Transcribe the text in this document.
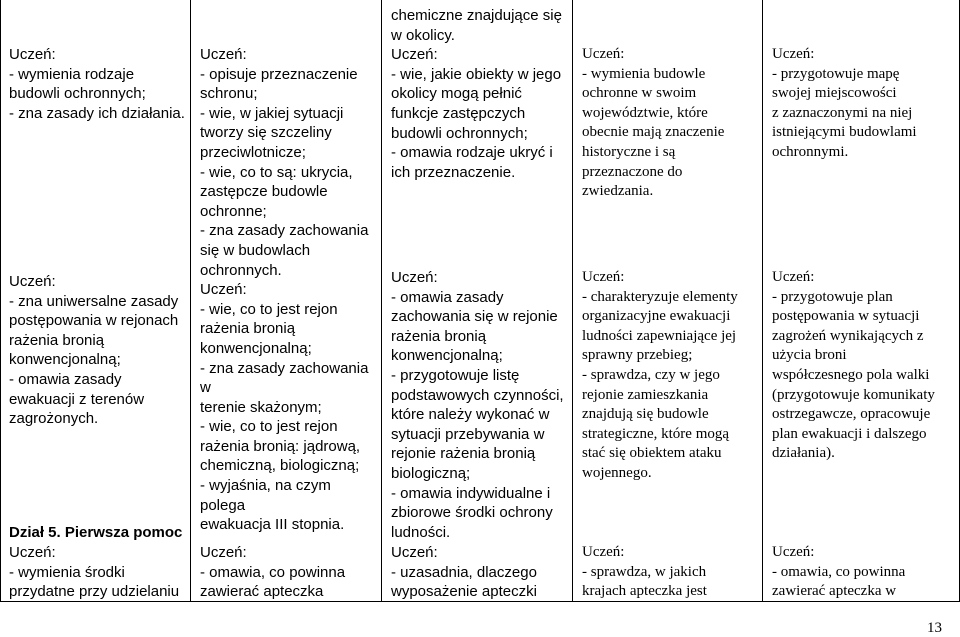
Uczeń:
- wymienia rodzaje
budowli ochronnych;
- zna zasady ich działania.
Uczeń:
- zna uniwersalne zasady
postępowania w rejonach
rażenia bronią
konwencjonalną;
- omawia zasady
ewakuacji z terenów
zagrożonych.
Dział 5. Pierwsza pomoc
Uczeń:
- wymienia środki
przydatne przy udzielaniu
Uczeń:
- opisuje przeznaczenie
schronu;
- wie, w jakiej sytuacji
tworzy się szczeliny
przeciwlotnicze;
- wie, co to są: ukrycia,
zastępcze budowle
ochronne;
- zna zasady zachowania
się w budowlach
ochronnych.
Uczeń:
- wie, co to jest rejon
rażenia bronią
konwencjonalną;
- zna zasady zachowania w
terenie skażonym;
- wie, co to jest rejon
rażenia bronią: jądrową,
chemiczną, biologiczną;
- wyjaśnia, na czym polega
ewakuacja III stopnia.
Uczeń:
- omawia, co powinna
zawierać apteczka
chemiczne znajdujące się
w okolicy.
Uczeń:
- wie, jakie obiekty w jego
okolicy mogą pełnić
funkcje zastępczych
budowli ochronnych;
- omawia rodzaje ukryć i
ich przeznaczenie.
Uczeń:
- omawia zasady
zachowania się w rejonie
rażenia bronią
konwencjonalną;
- przygotowuje listę
podstawowych czynności,
które należy wykonać w
sytuacji przebywania w
rejonie rażenia bronią
biologiczną;
- omawia indywidualne i
zbiorowe środki ochrony
ludności.
Uczeń:
- uzasadnia, dlaczego
wyposażenie apteczki
Uczeń:
- wymienia budowle
ochronne w swoim
województwie, które
obecnie mają znaczenie
historyczne i są
przeznaczone do
zwiedzania.
Uczeń:
- charakteryzuje elementy
organizacyjne ewakuacji
ludności zapewniające jej
sprawny przebieg;
- sprawdza, czy w jego
rejonie zamieszkania
znajdują się budowle
strategiczne, które mogą
stać się obiektem ataku
wojennego.
Uczeń:
- sprawdza, w jakich
krajach apteczka jest
Uczeń:
- przygotowuje mapę
swojej miejscowości
z zaznaczonymi na niej
istniejącymi budowlami
ochronnymi.
Uczeń:
- przygotowuje plan
postępowania w sytuacji
zagrożeń wynikających z
użycia broni
współczesnego pola walki
(przygotowuje komunikaty
ostrzegawcze, opracowuje
plan ewakuacji i dalszego
działania).
Uczeń:
- omawia, co powinna
zawierać apteczka w
13
